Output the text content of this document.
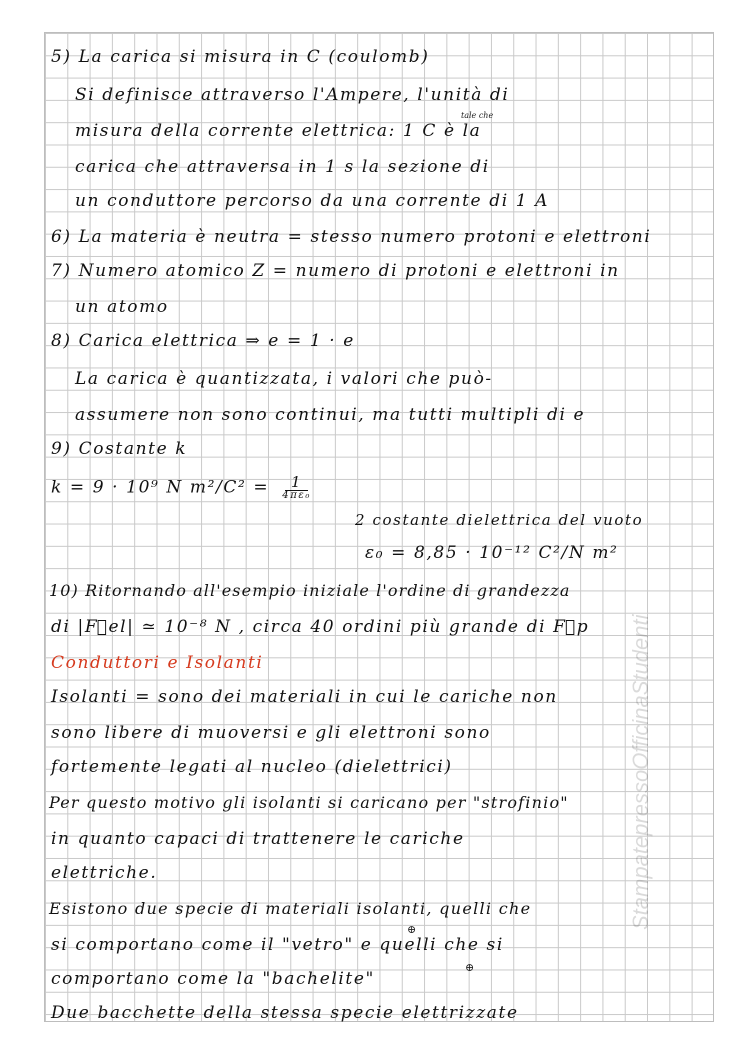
5) La carica si misura in C (coulomb)
Si definisce attraverso l'Ampere, l'unità di
misura della corrente elettrica: 1 C è la
tale che
carica che attraversa in 1 s la sezione di
un conduttore percorso da una corrente di 1 A
6) La materia è neutra = stesso numero protoni e elettroni
7) Numero atomico Z = numero di protoni e elettroni in
un atomo
8) Carica elettrica ⇒ e = 1 · e
La carica è quantizzata, i valori che può-
assumere non sono continui, ma tutti multipli di e
9) Costante k
k = 9 · 10⁹ N $m^2/C^2 = \frac{1}{\text{4πε₀}}$
2 costante dielettrica del vuoto
ε₀ = 8,85 · 10⁻¹² C²/N m²
10) Ritornando all'esempio iniziale l'ordine di grandezza
di |F⃗el| ≃ 10⁻⁸ N , circa 40 ordini più grande di F⃗p
Conduttori e Isolanti
Isolanti = sono dei materiali in cui le cariche non
sono libere di muoversi e gli elettroni sono
fortemente legati al nucleo (dielettrici)
Per questo motivo gli isolanti si caricano per "strofinio"
in quanto capaci di trattenere le cariche
elettriche.
Esistono due specie di materiali isolanti, quelli che
⊕
si comportano come il "vetro" e quelli che si
⊕
comportano come la "bachelite"
Due bacchette della stessa specie elettrizzate
StampatepressoOfficinaStudenti
